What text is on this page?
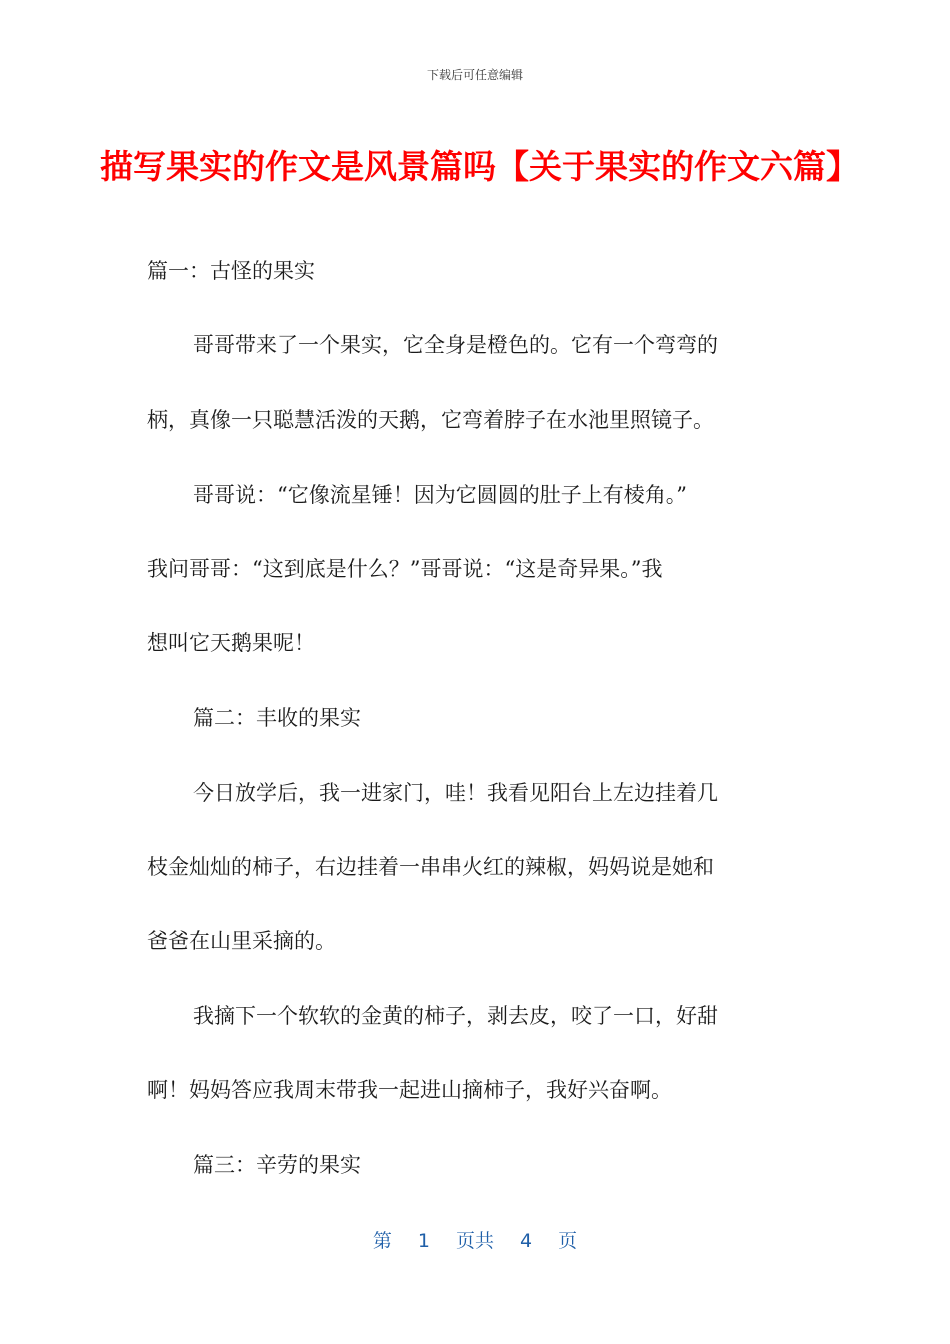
下载后可任意编辑
描写果实的作文是风景篇吗【关于果实的作文六篇】
篇一：古怪的果实
哥哥带来了一个果实，它全身是橙色的。它有一个弯弯的
柄，真像一只聪慧活泼的天鹅，它弯着脖子在水池里照镜子。
哥哥说：“它像流星锤！因为它圆圆的肚子上有棱角。”
我问哥哥：“这到底是什么？”哥哥说：“这是奇异果。”我
想叫它天鹅果呢！
篇二：丰收的果实
今日放学后，我一进家门，哇！我看见阳台上左边挂着几
枝金灿灿的柿子，右边挂着一串串火红的辣椒，妈妈说是她和
爸爸在山里采摘的。
我摘下一个软软的金黄的柿子，剥去皮，咬了一口，好甜
啊！妈妈答应我周末带我一起进山摘柿子，我好兴奋啊。
篇三：辛劳的果实
第 1 页共 4 页
